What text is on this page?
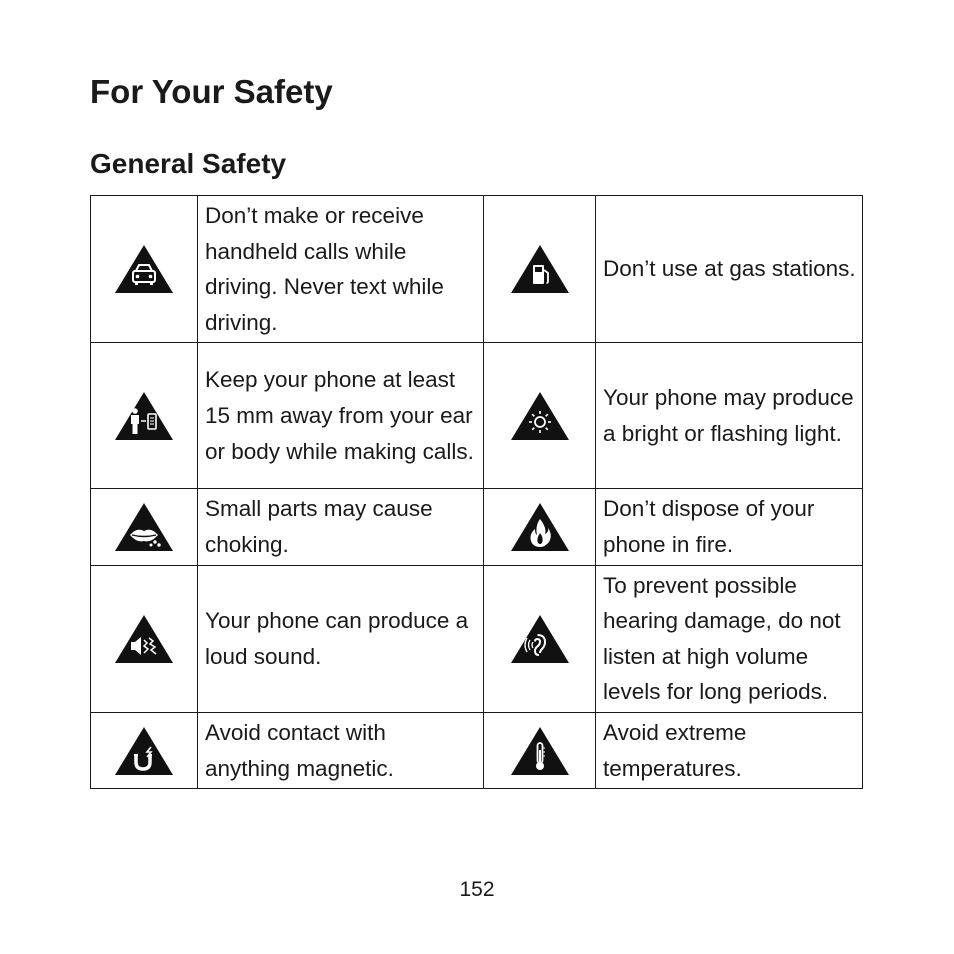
For Your Safety
General Safety
	Don’t make or receive handheld calls while driving. Never text while driving.		Don’t use at gas stations.

	Keep your phone at least 15 mm away from your ear or body while making calls.		Your phone may produce a bright or flashing light.

	Small parts may cause choking.		Don’t dispose of your phone in fire.

	Your phone can produce a loud sound.		To prevent possible hearing damage, do not listen at high volume levels for long periods.

	Avoid contact with anything magnetic.		Avoid extreme temperatures.
152
